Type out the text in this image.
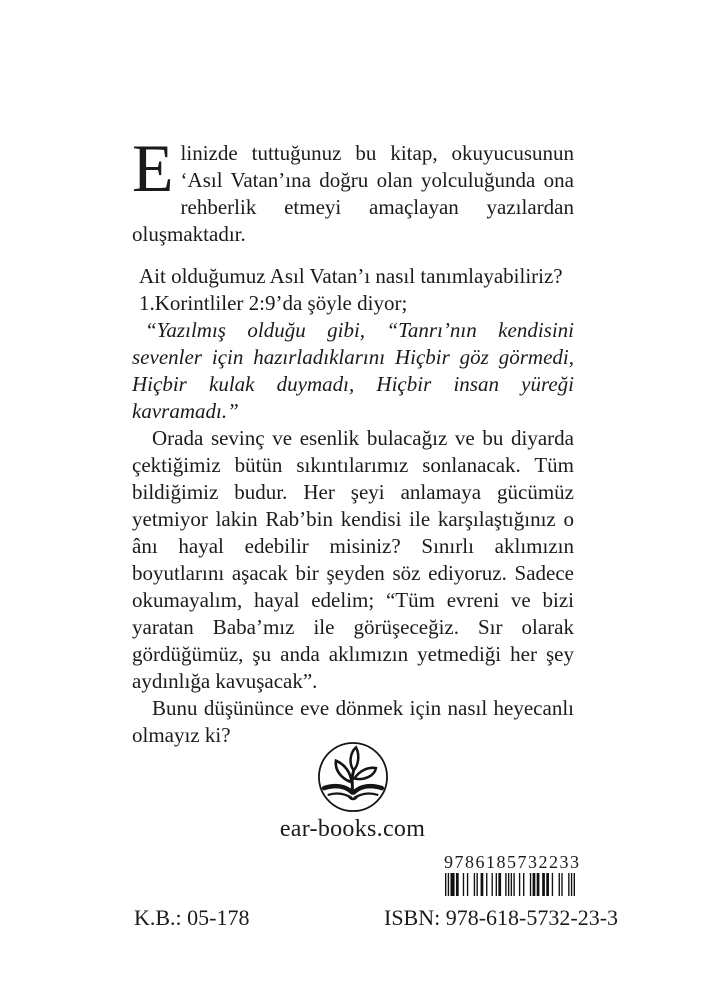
Elinizde tuttuğunuz bu kitap, okuyucusunun ‘Asıl Vatan’ına doğru olan yolculuğunda ona rehberlik etmeyi amaçlayan yazılardan oluşmaktadır.

Ait olduğumuz Asıl Vatan’ı nasıl tanımlayabiliriz?

1.Korintliler 2:9’da şöyle diyor;

“Yazılmış olduğu gibi, “Tanrı’nın kendisini sevenler için hazırladıklarını Hiçbir göz görmedi, Hiçbir kulak duymadı, Hiçbir insan yüreği kavramadı.”

Orada sevinç ve esenlik bulacağız ve bu diyarda çektiğimiz bütün sıkıntılarımız sonlanacak. Tüm bildiğimiz budur. Her şeyi anlamaya gücümüz yetmiyor lakin Rab’bin kendisi ile karşılaştığınız o ânı hayal edebilir misiniz? Sınırlı aklımızın boyutlarını aşacak bir şeyden söz ediyoruz. Sadece okumayalım, hayal edelim; “Tüm evreni ve bizi yaratan Baba’mız ile görüşeceğiz. Sır olarak gördüğümüz, şu anda aklımızın yetmediği her şey aydınlığa kavuşacak”.

Bunu düşününce eve dönmek için nasıl heyecanlı olmayız ki?

ear-books.com
9786185732233
K.B.: 05-178	ISBN: 978-618-5732-23-3
